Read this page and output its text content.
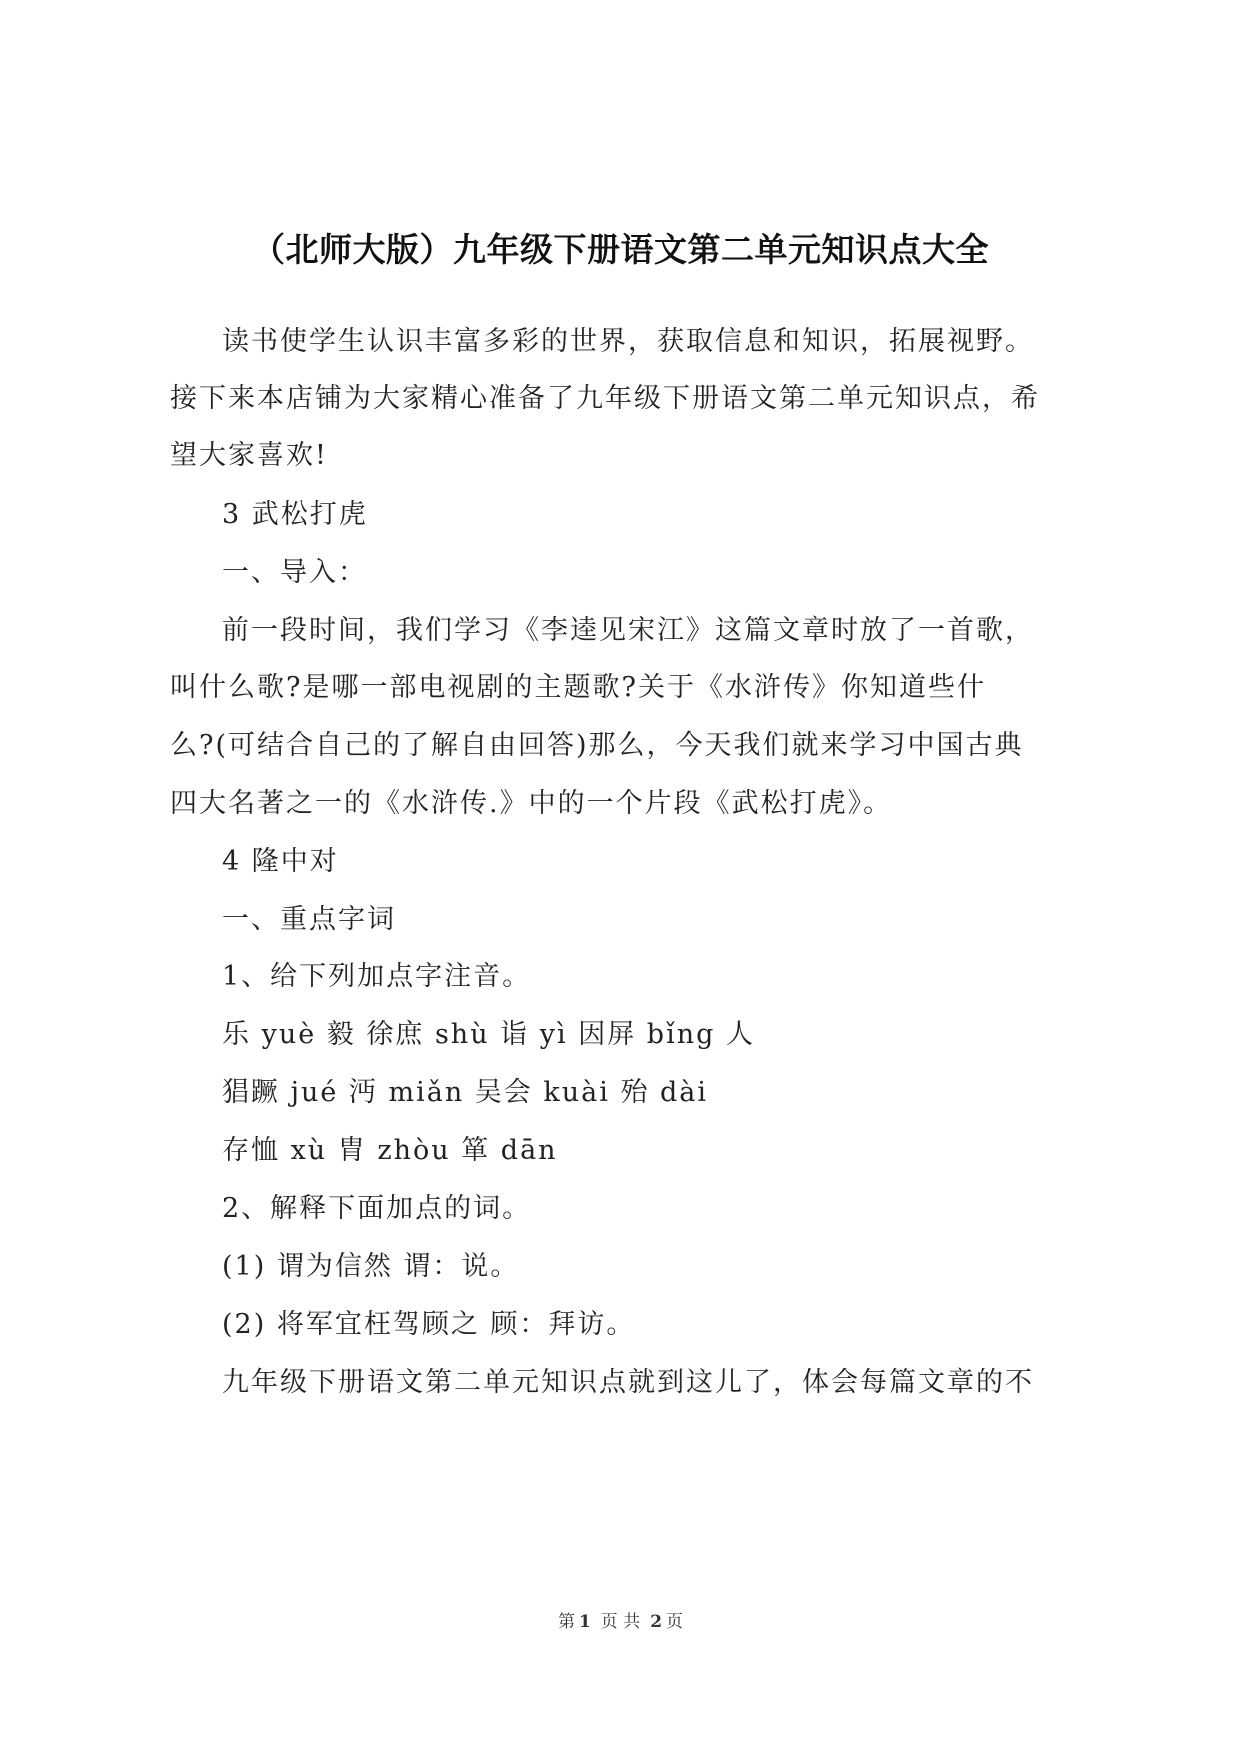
（北师大版）九年级下册语文第二单元知识点大全
读书使学生认识丰富多彩的世界，获取信息和知识，拓展视野。
接下来本店铺为大家精心准备了九年级下册语文第二单元知识点，希
望大家喜欢!
3 武松打虎
一、导入：
前一段时间，我们学习《李逵见宋江》这篇文章时放了一首歌，
叫什么歌?是哪一部电视剧的主题歌?关于《水浒传》你知道些什
么?(可结合自己的了解自由回答)那么，今天我们就来学习中国古典
四大名著之一的《水浒传.》中的一个片段《武松打虎》。
4 隆中对
一、重点字词
1、给下列加点字注音。
乐 yuè 毅 徐庶 shù 诣 yì 因屏 bǐng 人
猖蹶 jué 沔 miǎn 吴会 kuài 殆 dài
存恤 xù 胄 zhòu 箪 dān
2、解释下面加点的词。
(1) 谓为信然 谓：说。
(2) 将军宜枉驾顾之 顾：拜访。
九年级下册语文第二单元知识点就到这儿了，体会每篇文章的不
第 1 页 共 2 页
